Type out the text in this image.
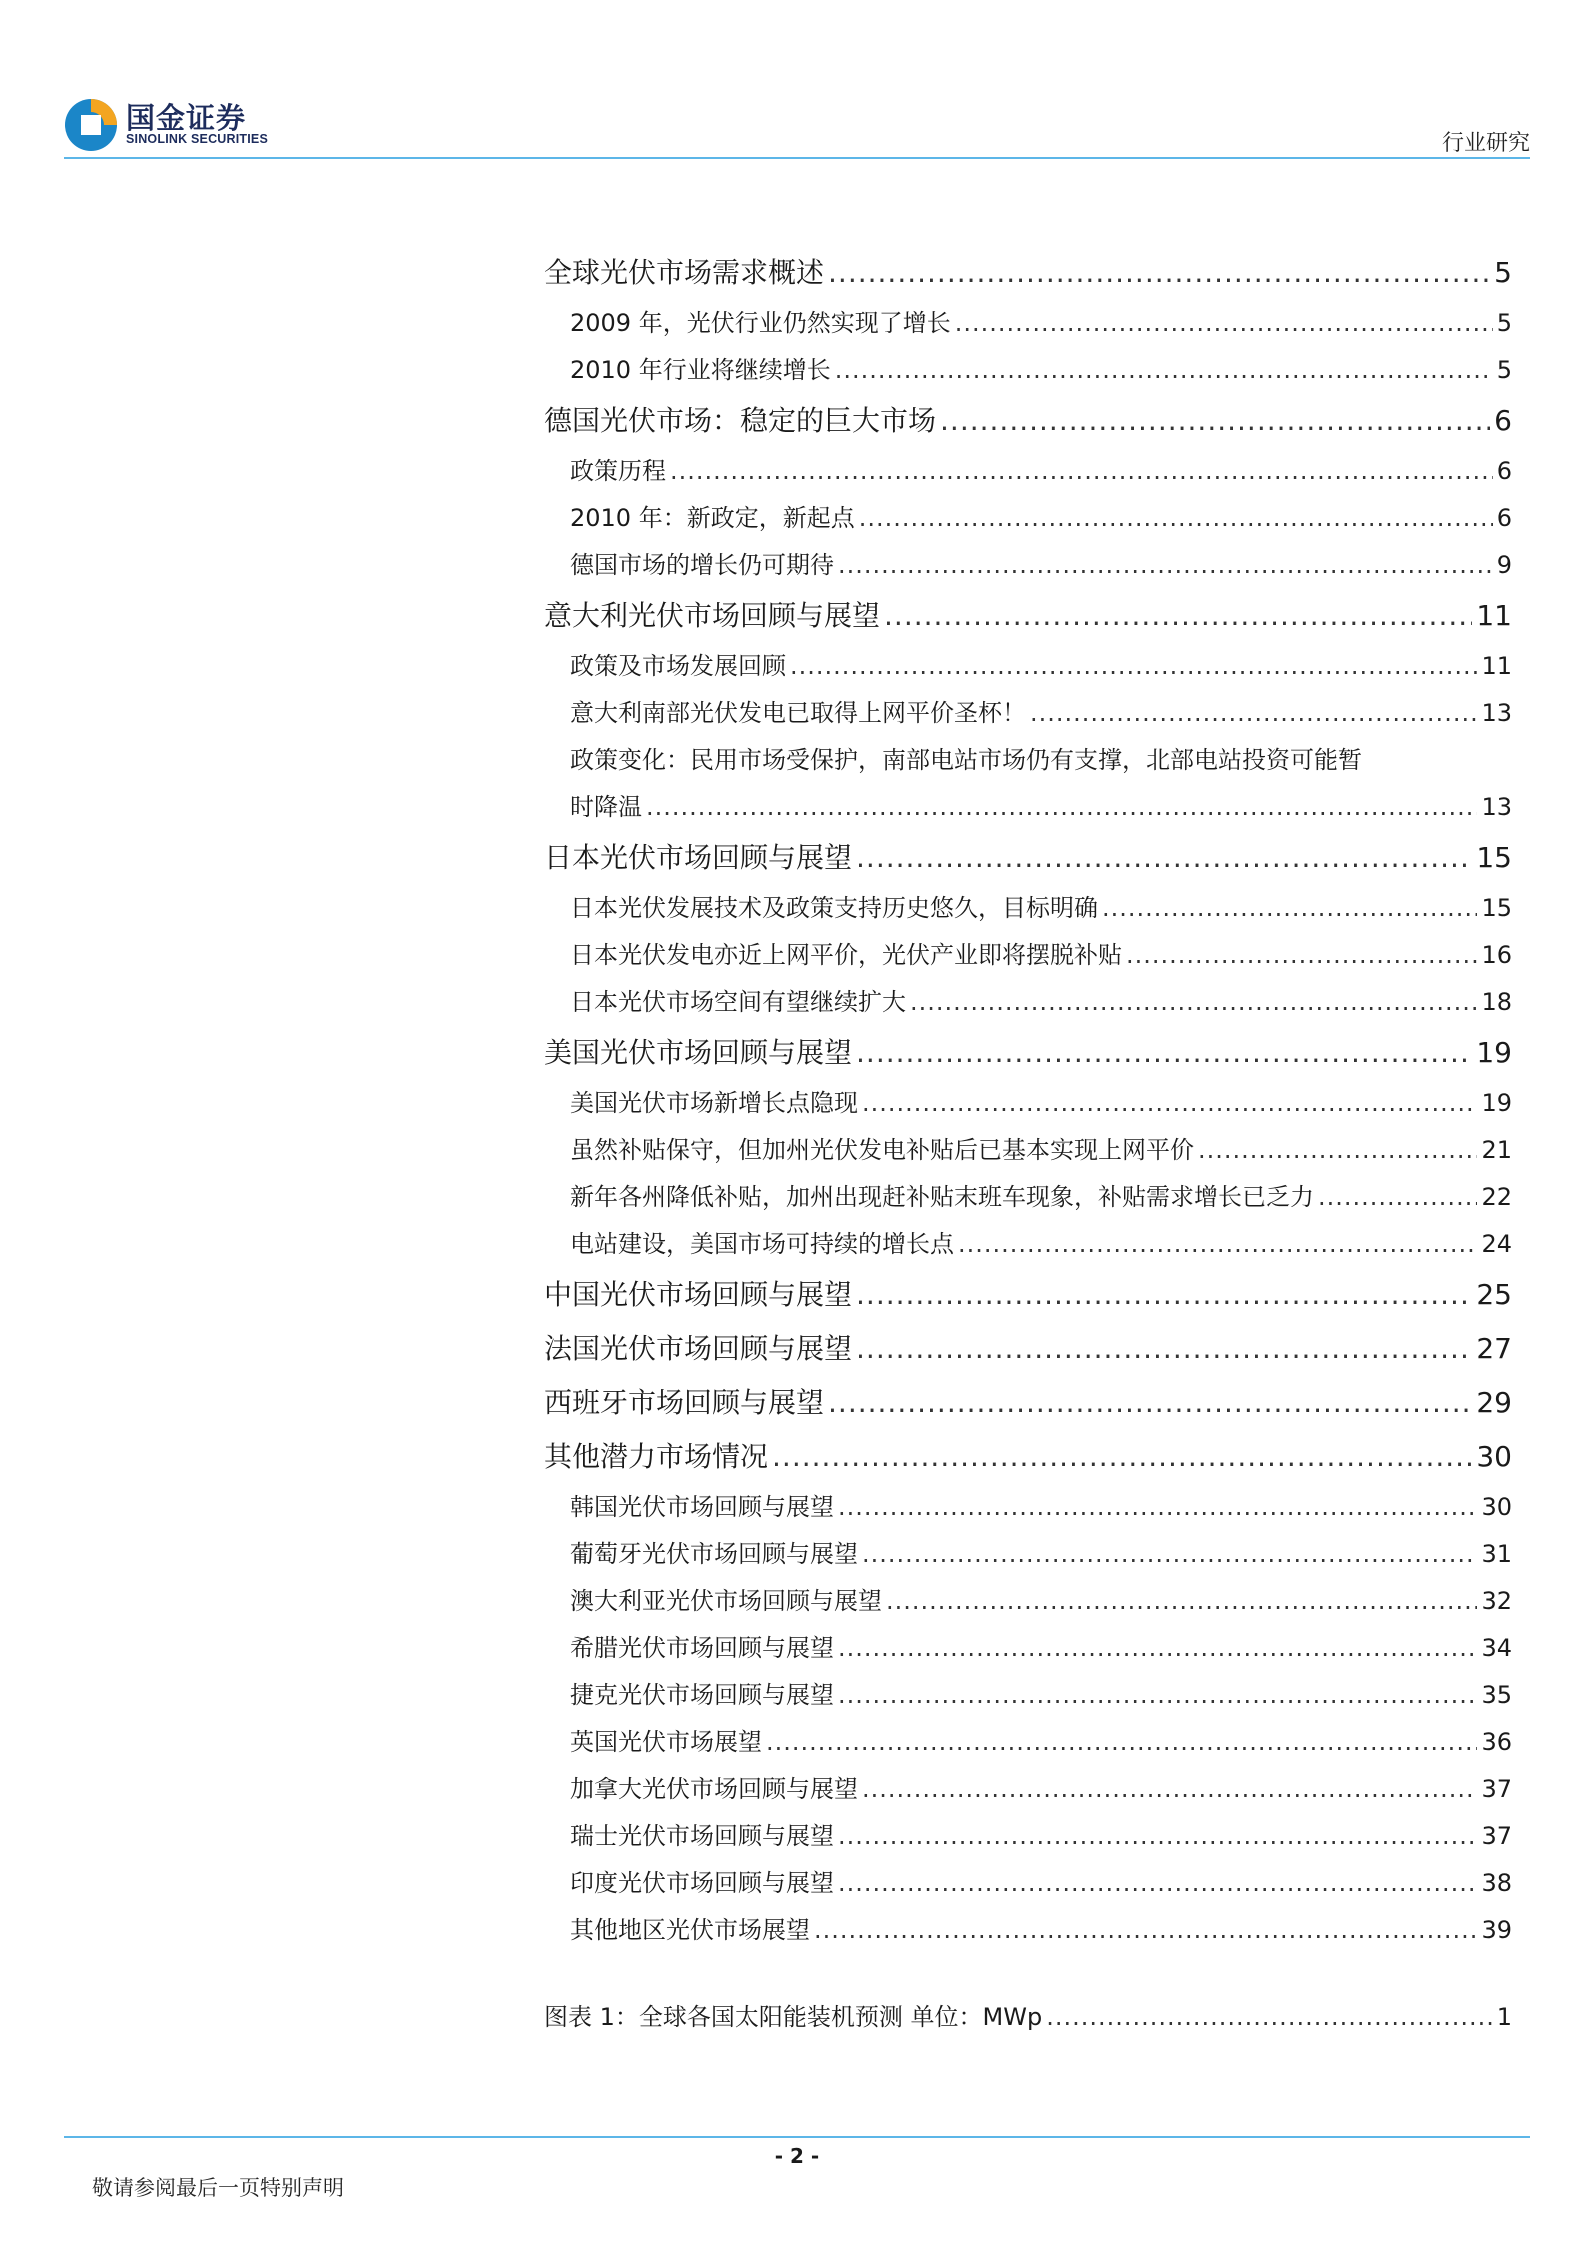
国金证券
SINOLINK SECURITIES	行业研究
全球光伏市场需求概述 .....	5
2009 年，光伏行业仍然实现了增长 .....	5
2010 年行业将继续增长 .....	5
德国光伏市场：稳定的巨大市场 .....	6
政策历程 .....	6
2010 年：新政定，新起点 .....	6
德国市场的增长仍可期待 .....	9
意大利光伏市场回顾与展望 .....	11
政策及市场发展回顾 .....	11
意大利南部光伏发电已取得上网平价圣杯！ .....	13
政策变化：民用市场受保护，南部电站市场仍有支撑，北部电站投资可能暂
时降温 .....	13
日本光伏市场回顾与展望 .....	15
日本光伏发展技术及政策支持历史悠久，目标明确 .....	15
日本光伏发电亦近上网平价，光伏产业即将摆脱补贴 .....	16
日本光伏市场空间有望继续扩大 .....	18
美国光伏市场回顾与展望 .....	19
美国光伏市场新增长点隐现 .....	19
虽然补贴保守，但加州光伏发电补贴后已基本实现上网平价 .....	21
新年各州降低补贴，加州出现赶补贴末班车现象，补贴需求增长已乏力 .....	22
电站建设，美国市场可持续的增长点 .....	24
中国光伏市场回顾与展望 .....	25
法国光伏市场回顾与展望 .....	27
西班牙市场回顾与展望 .....	29
其他潜力市场情况 .....	30
韩国光伏市场回顾与展望 .....	30
葡萄牙光伏市场回顾与展望 .....	31
澳大利亚光伏市场回顾与展望 .....	32
希腊光伏市场回顾与展望 .....	34
捷克光伏市场回顾与展望 .....	35
英国光伏市场展望 .....	36
加拿大光伏市场回顾与展望 .....	37
瑞士光伏市场回顾与展望 .....	37
印度光伏市场回顾与展望 .....	38
其他地区光伏市场展望 .....	39
图表 1：全球各国太阳能装机预测 单位：MWp .....	1
- 2 -
敬请参阅最后一页特别声明
